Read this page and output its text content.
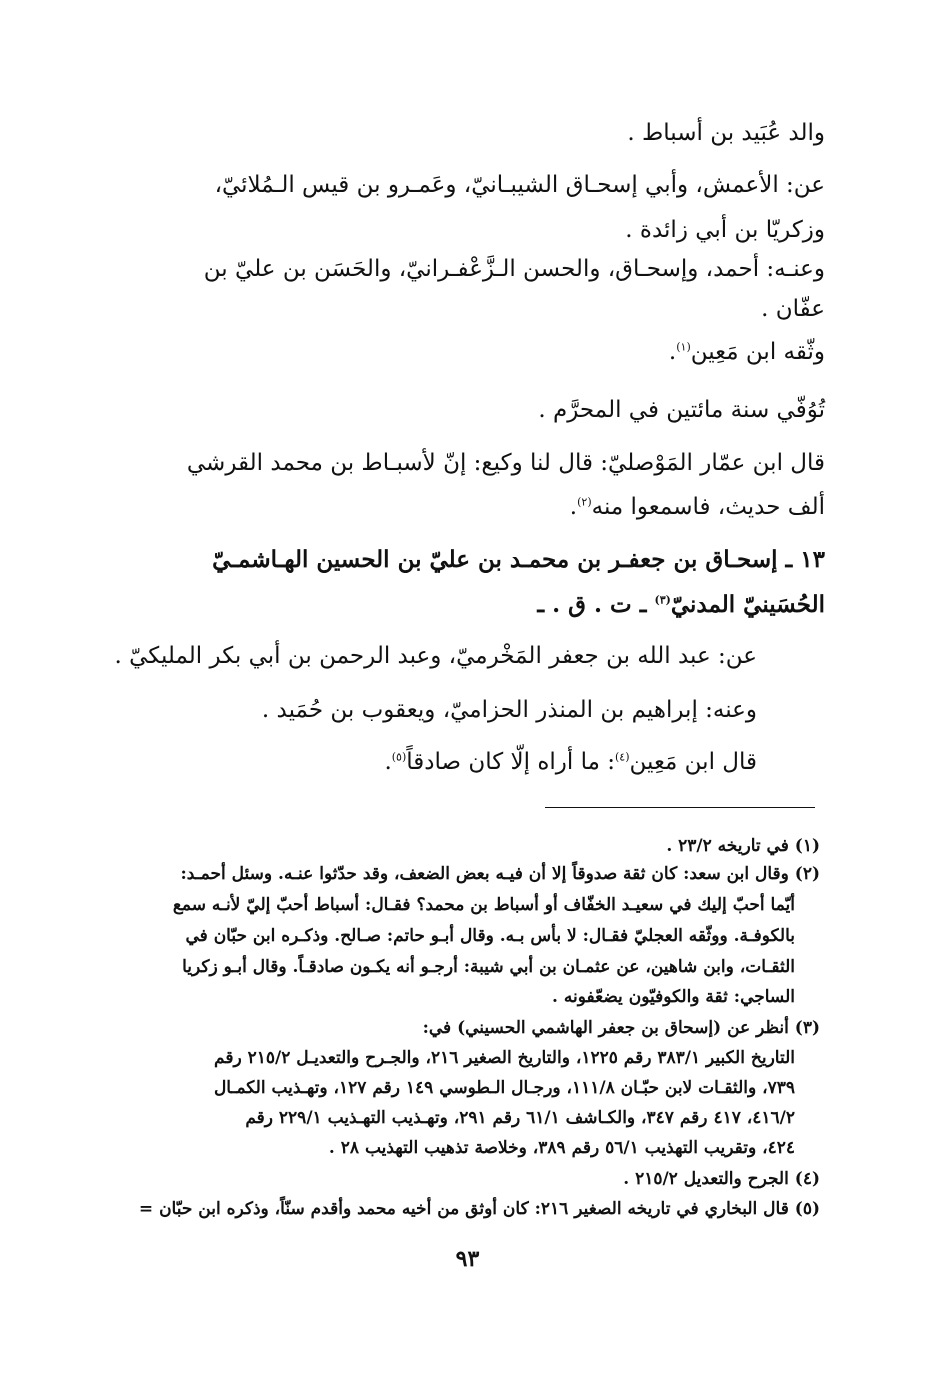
والد عُبَيد بن أسباط .
عن: الأعمش، وأبي إسحـاق الشيبـانيّ، وعَمـرو بن قيس الـمُلائيّ،
وزكريّا بن أبي زائدة .
وعنـه: أحمد، وإسحـاق، والحسن الـزَّعْفـرانيّ، والحَسَن بن عليّ بن
عفّان .
وثّقه ابن مَعِين$^{(١)}$.
تُوُفّي سنة مائتين في المحرَّم .
قال ابن عمّار المَوْصليّ: قال لنا وكيع: إنّ لأسبـاط بن محمد القرشي
ألف حديث، فاسمعوا منه$^{(٢)}$.
١٣ ـ إسحـاق بن جعفـر بن محمـد بن عليّ بن الحسين الهـاشمـيّ
الحُسَينيّ المدنيّ$^{(٣)}$ ـ ت . ق . ـ
عن: عبد الله بن جعفر المَخْرميّ، وعبد الرحمن بن أبي بكر المليكيّ .
وعنه: إبراهيم بن المنذر الحزاميّ، ويعقوب بن حُمَيد .
قال ابن مَعِين$^{(٤)}$: ما أراه إلّا كان صادقاً$^{(٥)}$.
(١) في تاريخه ٢٣/٢ .
(٢) وقال ابن سعد: كان ثقة صدوقاً إلا أن فيـه بعض الضعف، وقد حدّثوا عنـه. وسئل أحمـد:
أيّما أحبّ إليك في سعيـد الخفّاف أو أسباط بن محمد؟ فقـال: أسباط أحبّ إليّ لأنـه سمع
بالكوفـة. ووثّقه العجليّ فقـال: لا بأس بـه. وقال أبـو حاتم: صـالح. وذكـره ابن حبّان في
الثقـات، وابن شاهين، عن عثمـان بن أبي شيبة: أرجـو أنه يكـون صادقـاً. وقال أبـو زكريا
الساجي: ثقة والكوفيّون يضعّفونه .
(٣) أنظر عن (إسحاق بن جعفر الهاشمي الحسيني) في:
التاريخ الكبير ٣٨٣/١ رقم ١٢٢٥، والتاريخ الصغير ٢١٦، والجـرح والتعديـل ٢١٥/٢ رقم
٧٣٩، والثقـات لابن حبّـان ١١١/٨، ورجـال الـطوسي ١٤٩ رقم ١٢٧، وتهـذيب الكمـال
٤١٦/٢، ٤١٧ رقم ٣٤٧، والكـاشف ٦١/١ رقم ٢٩١، وتهـذيب التهـذيب ٢٢٩/١ رقم
٤٢٤، وتقريب التهذيب ٥٦/١ رقم ٣٨٩، وخلاصة تذهيب التهذيب ٢٨ .
(٤) الجرح والتعديل ٢١٥/٢ .
(٥) قال البخاري في تاريخه الصغير ٢١٦: كان أوثق من أخيه محمد وأقدم سنّاً، وذكره ابن حبّان =
٩٣
